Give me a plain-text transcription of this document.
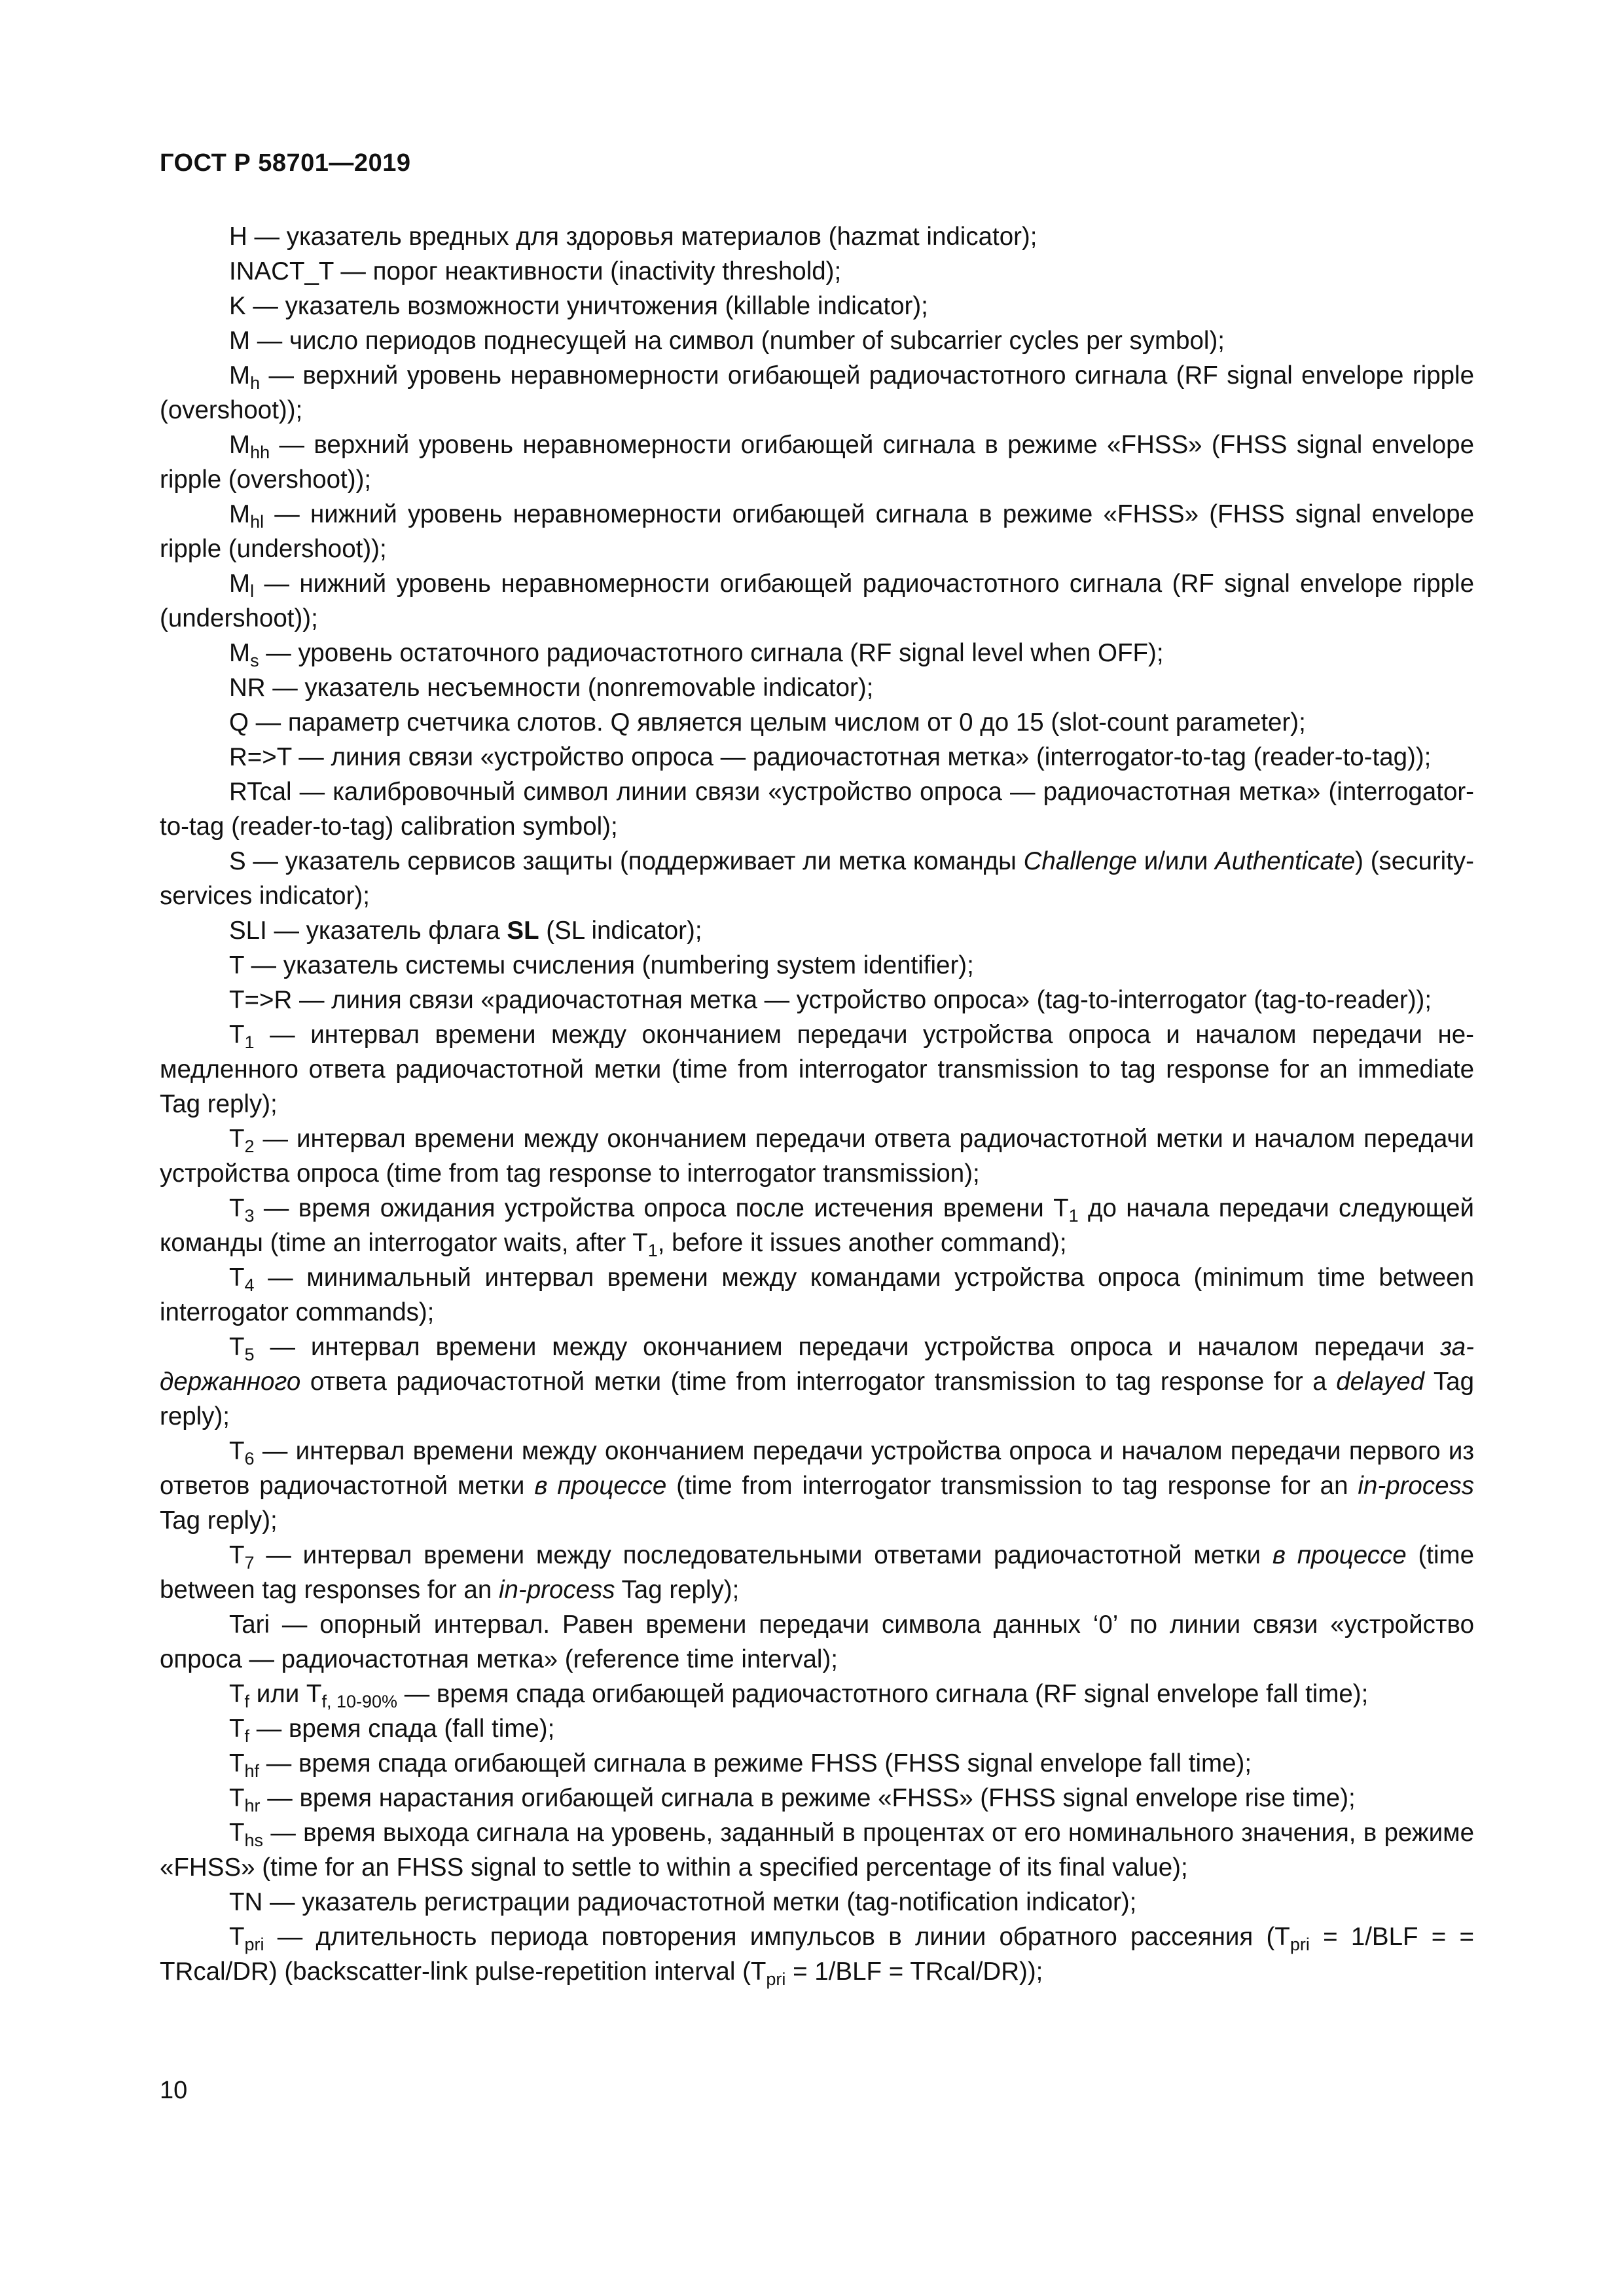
ГОСТ Р 58701—2019

H — указатель вредных для здоровья материалов (hazmat indicator);

INACT_T — порог неактивности (inactivity threshold);

K — указатель возможности уничтожения (killable indicator);

M — число периодов поднесущей на символ (number of subcarrier cycles per symbol);

$M_h$ — верхний уровень неравномерности огибающей радиочастотного сигнала (RF signal envelope ripple (overshoot));

$M_{hh}$ — верхний уровень неравномерности огибающей сигнала в режиме «FHSS» (FHSS signal envelope ripple (overshoot));

$M_{hl}$ — нижний уровень неравномерности огибающей сигнала в режиме «FHSS» (FHSS signal envelope ripple (undershoot));

$M_l$ — нижний уровень неравномерности огибающей радиочастотного сигнала (RF signal envelope ripple (undershoot));

$M_s$ — уровень остаточного радиочастотного сигнала (RF signal level when OFF);

NR — указатель несъемности (nonremovable indicator);

Q — параметр счетчика слотов. Q является целым числом от 0 до 15 (slot-count parameter);

R=>T — линия связи «устройство опроса — радиочастотная метка» (interrogator-to-tag (reader-to-tag));

RTcal — калибровочный символ линии связи «устройство опроса — радиочастотная метка» (interrogator-to-tag (reader-to-tag) calibration symbol);

S — указатель сервисов защиты (поддерживает ли метка команды Challenge и/или Authenticate) (security-services indicator);

SLI — указатель флага SL (SL indicator);

T — указатель системы счисления (numbering system identifier);

T=>R — линия связи «радиочастотная метка — устройство опроса» (tag-to-interrogator (tag-to-reader));

$T_1$ — интервал времени между окончанием передачи устройства опроса и началом передачи немедленного ответа радиочастотной метки (time from interrogator transmission to tag response for an immediate Tag reply);

$T_2$ — интервал времени между окончанием передачи ответа радиочастотной метки и началом передачи устройства опроса (time from tag response to interrogator transmission);

$T_3$ — время ожидания устройства опроса после истечения времени $T_1$ до начала передачи следующей команды (time an interrogator waits, after $T_1$, before it issues another command);

$T_4$ — минимальный интервал времени между командами устройства опроса (minimum time between interrogator commands);

$T_5$ — интервал времени между окончанием передачи устройства опроса и началом передачи задержанного ответа радиочастотной метки (time from interrogator transmission to tag response for a delayed Tag reply);

$T_6$ — интервал времени между окончанием передачи устройства опроса и началом передачи первого из ответов радиочастотной метки в процессе (time from interrogator transmission to tag response for an in-process Tag reply);

$T_7$ — интервал времени между последовательными ответами радиочастотной метки в процессе (time between tag responses for an in-process Tag reply);

Tari — опорный интервал. Равен времени передачи символа данных ‘0’ по линии связи «устройство опроса — радиочастотная метка» (reference time interval);

$T_f$ или $T_{f, 10-90\%}$ — время спада огибающей радиочастотного сигнала (RF signal envelope fall time);

$T_f$ — время спада (fall time);

$T_{hf}$ — время спада огибающей сигнала в режиме FHSS (FHSS signal envelope fall time);

$T_{hr}$ — время нарастания огибающей сигнала в режиме «FHSS» (FHSS signal envelope rise time);

$T_{hs}$ — время выхода сигнала на уровень, заданный в процентах от его номинального значения, в режиме «FHSS» (time for an FHSS signal to settle to within a specified percentage of its final value);

TN — указатель регистрации радиочастотной метки (tag-notification indicator);

$T_{pri}$ — длительность периода повторения импульсов в линии обратного рассеяния ($T_{pri} = 1/BLF$ = = TRcal/DR) (backscatter-link pulse-repetition interval ($T_{pri} = 1/BLF$ = TRcal/DR));

10
